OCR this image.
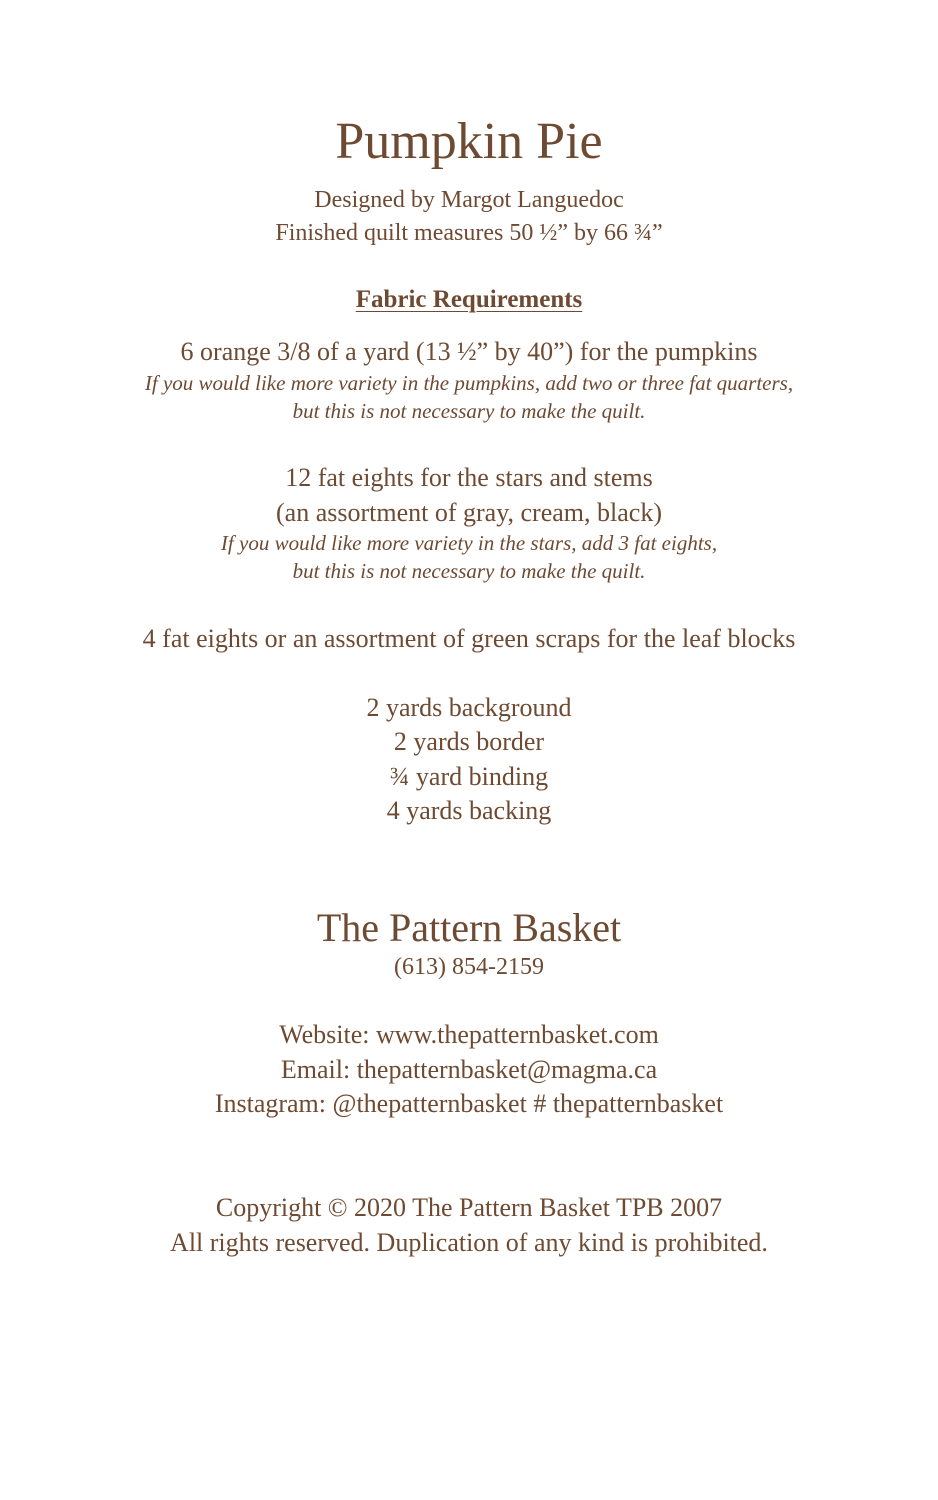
Pumpkin Pie
Designed by Margot Languedoc
Finished quilt measures 50 ½” by 66 ¾”
Fabric Requirements
6 orange 3/8 of a yard (13 ½” by 40”) for the pumpkins
If you would like more variety in the pumpkins, add two or three fat quarters,
but this is not necessary to make the quilt.
12 fat eights for the stars and stems
(an assortment of gray, cream, black)
If you would like more variety in the stars, add 3 fat eights,
but this is not necessary to make the quilt.
4 fat eights or an assortment of green scraps for the leaf blocks
2 yards background
2 yards border
¾ yard binding
4 yards backing
The Pattern Basket
(613) 854-2159
Website: www.thepatternbasket.com
Email: thepatternbasket@magma.ca
Instagram: @thepatternbasket # thepatternbasket
Copyright © 2020 The Pattern Basket TPB 2007
All rights reserved. Duplication of any kind is prohibited.
